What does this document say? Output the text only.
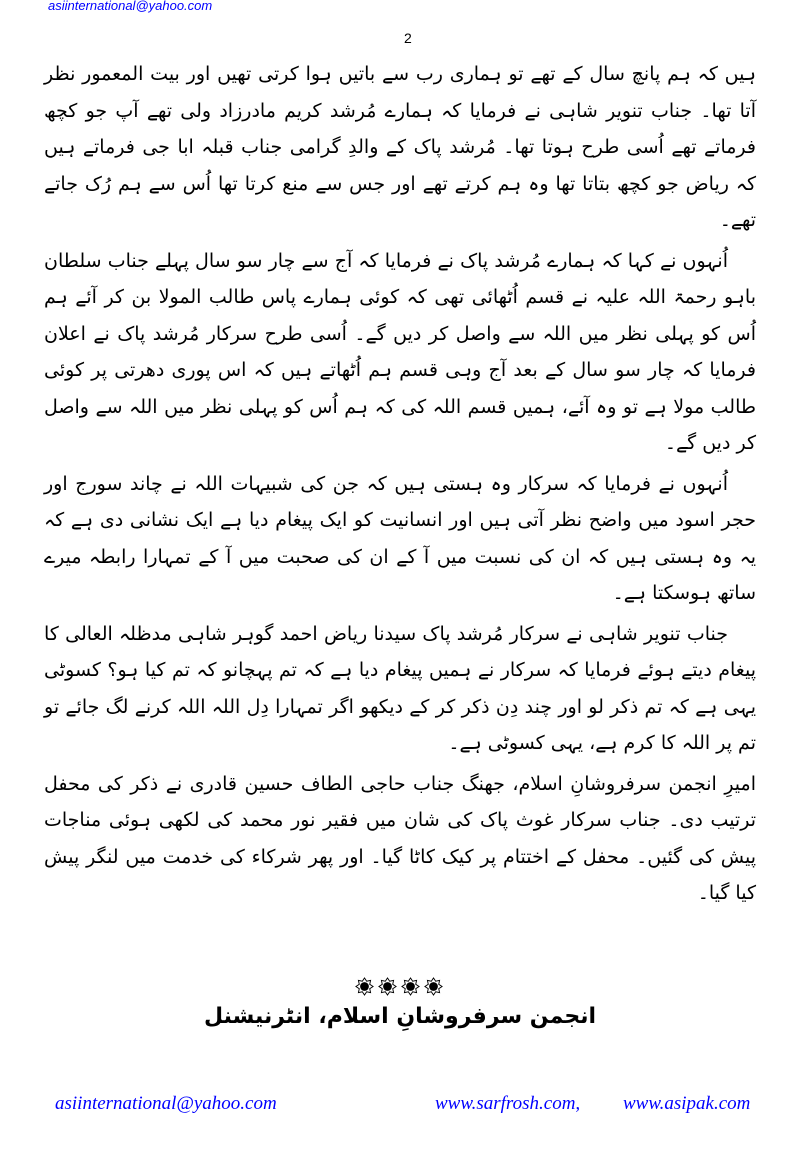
asiinternational@yahoo.com
2

ہیں کہ ہم پانچ سال کے تھے تو ہماری رب سے باتیں ہوا کرتی تھیں اور بیت المعمور نظر آتا تھا۔ جناب تنویر شاہی نے فرمایا کہ ہمارے مُرشد کریم مادرزاد ولی تھے آپ جو کچھ فرماتے تھے اُسی طرح ہوتا تھا۔ مُرشد پاک کے والدِ گرامی جناب قبلہ ابا جی فرماتے ہیں کہ ریاض جو کچھ بتاتا تھا وہ ہم کرتے تھے اور جس سے منع کرتا تھا اُس سے ہم رُک جاتے تھے۔

اُنہوں نے کہا کہ ہمارے مُرشد پاک نے فرمایا کہ آج سے چار سو سال پہلے جناب سلطان باہو رحمۃ اللہ علیہ نے قسم اُٹھائی تھی کہ کوئی ہمارے پاس طالب المولا بن کر آئے ہم اُس کو پہلی نظر میں اللہ سے واصل کر دیں گے۔ اُسی طرح سرکار مُرشد پاک نے اعلان فرمایا کہ چار سو سال کے بعد آج وہی قسم ہم اُٹھاتے ہیں کہ اس پوری دھرتی پر کوئی طالب مولا ہے تو وہ آئے، ہمیں قسم اللہ کی کہ ہم اُس کو پہلی نظر میں اللہ سے واصل کر دیں گے۔

اُنہوں نے فرمایا کہ سرکار وہ ہستی ہیں کہ جن کی شبیہات اللہ نے چاند سورج اور حجر اسود میں واضح نظر آتی ہیں اور انسانیت کو ایک پیغام دیا ہے ایک نشانی دی ہے کہ یہ وہ ہستی ہیں کہ ان کی نسبت میں آ کے ان کی صحبت میں آ کے تمہارا رابطہ میرے ساتھ ہوسکتا ہے۔

جناب تنویر شاہی نے سرکار مُرشد پاک سیدنا ریاض احمد گوہر شاہی مدظلہ العالی کا پیغام دیتے ہوئے فرمایا کہ سرکار نے ہمیں پیغام دیا ہے کہ تم پہچانو کہ تم کیا ہو؟ کسوٹی یہی ہے کہ تم ذکر لو اور چند دِن ذکر کر کے دیکھو اگر تمہارا دِل اللہ اللہ کرنے لگ جائے تو تم پر اللہ کا کرم ہے، یہی کسوٹی ہے۔

امیرِ انجمن سرفروشانِ اسلام، جھنگ جناب حاجی الطاف حسین قادری نے ذکر کی محفل ترتیب دی۔ جناب سرکار غوث پاک کی شان میں فقیر نور محمد کی لکھی ہوئی مناجات پیش کی گئیں۔ محفل کے اختتام پر کیک کاٹا گیا۔ اور پھر شرکاء کی خدمت میں لنگر پیش کیا گیا۔

انجمن سرفروشانِ اسلام، انٹرنیشنل
asiinternational@yahoo.com	www.sarfrosh.com, www.asipak.com
